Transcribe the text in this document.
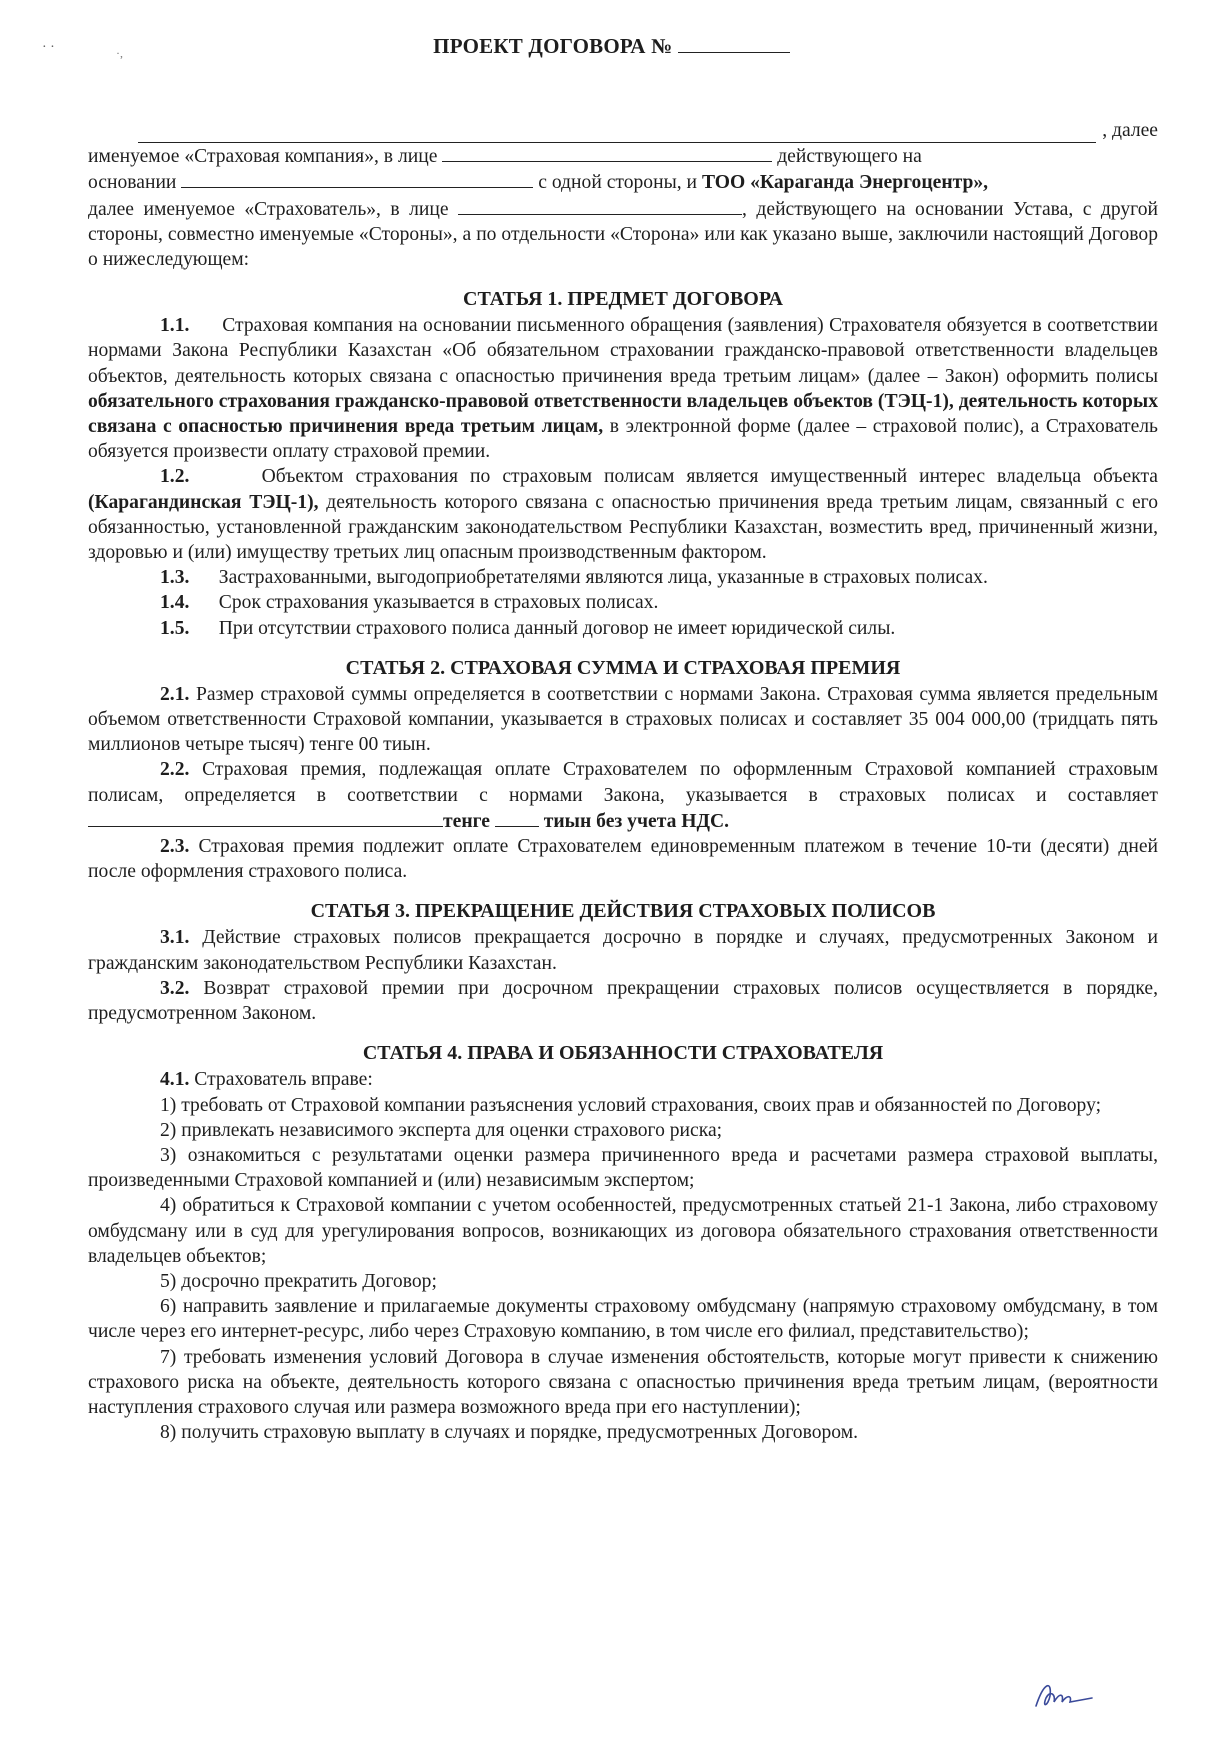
· ·	·,	ПРОЕКТ ДОГОВОРА №
, далее

именуемое «Страховая компания», в лице	действующего на

основании	с одной стороны, и ТОО «Караганда Энергоцентр»,

далее именуемое «Страхователь», в лице	, действующего на основании Устава, с другой стороны, совместно именуемые «Стороны», а по отдельности «Сторона» или как указано выше, заключили настоящий Договор о нижеследующем:

СТАТЬЯ 1. ПРЕДМЕТ ДОГОВОРА

1.1. Страховая компания на основании письменного обращения (заявления) Страхователя обязуется в соответствии нормами Закона Республики Казахстан «Об обязательном страховании гражданско-правовой ответственности владельцев объектов, деятельность которых связана с опасностью причинения вреда третьим лицам» (далее – Закон) оформить полисы обязательного страхования гражданско-правовой ответственности владельцев объектов (ТЭЦ-1), деятельность которых связана с опасностью причинения вреда третьим лицам, в электронной форме (далее – страховой полис), а Страхователь обязуется произвести оплату страховой премии.

1.2.	Объектом страхования по страховым полисам является имущественный интерес владельца объекта (Карагандинская ТЭЦ-1), деятельность которого связана с опасностью причинения вреда третьим лицам, связанный с его обязанностью, установленной гражданским законодательством Республики Казахстан, возместить вред, причиненный жизни, здоровью и (или) имуществу третьих лиц опасным производственным фактором.

1.3. Застрахованными, выгодоприобретателями являются лица, указанные в страховых полисах.

1.4. Срок страхования указывается в страховых полисах.

1.5. При отсутствии страхового полиса данный договор не имеет юридической силы.

СТАТЬЯ 2. СТРАХОВАЯ СУММА И СТРАХОВАЯ ПРЕМИЯ

2.1. Размер страховой суммы определяется в соответствии с нормами Закона. Страховая сумма является предельным объемом ответственности Страховой компании, указывается в страховых полисах и составляет 35 004 000,00 (тридцать пять миллионов четыре тысяч) тенге 00 тиын.

2.2. Страховая премия, подлежащая оплате Страхователем по оформленным Страховой компанией страховым полисам, определяется в соответствии с нормами Закона, указывается в страховых полисах и составляет тенге	тиын без учета НДС.

2.3. Страховая премия подлежит оплате Страхователем единовременным платежом в течение 10-ти (десяти) дней после оформления страхового полиса.

СТАТЬЯ 3. ПРЕКРАЩЕНИЕ ДЕЙСТВИЯ СТРАХОВЫХ ПОЛИСОВ

3.1. Действие страховых полисов прекращается досрочно в порядке и случаях, предусмотренных Законом и гражданским законодательством Республики Казахстан.

3.2. Возврат страховой премии при досрочном прекращении страховых полисов осуществляется в порядке, предусмотренном Законом.

СТАТЬЯ 4. ПРАВА И ОБЯЗАННОСТИ СТРАХОВАТЕЛЯ

4.1. Страхователь вправе:

1) требовать от Страховой компании разъяснения условий страхования, своих прав и обязанностей по Договору;

2) привлекать независимого эксперта для оценки страхового риска;

3) ознакомиться с результатами оценки размера причиненного вреда и расчетами размера страховой выплаты, произведенными Страховой компанией и (или) независимым экспертом;

4) обратиться к Страховой компании с учетом особенностей, предусмотренных статьей 21-1 Закона, либо страховому омбудсману или в суд для урегулирования вопросов, возникающих из договора обязательного страхования ответственности владельцев объектов;

5) досрочно прекратить Договор;

6) направить заявление и прилагаемые документы страховому омбудсману (напрямую страховому омбудсману, в том числе через его интернет-ресурс, либо через Страховую компанию, в том числе его филиал, представительство);

7) требовать изменения условий Договора в случае изменения обстоятельств, которые могут привести к снижению страхового риска на объекте, деятельность которого связана с опасностью причинения вреда третьим лицам, (вероятности наступления страхового случая или размера возможного вреда при его наступлении);

8) получить страховую выплату в случаях и порядке, предусмотренных Договором.
